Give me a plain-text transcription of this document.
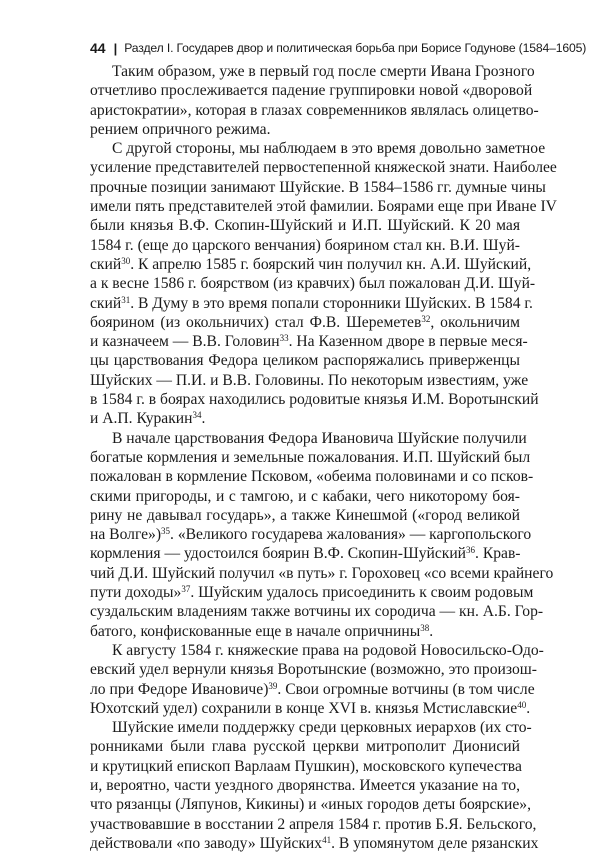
44 | Раздел I. Государев двор и политическая борьба при Борисе Годунове (1584–1605)
Таким образом, уже в первый год после смерти Ивана Грозного
отчетливо прослеживается падение группировки новой «дворовой
аристократии», которая в глазах современников являлась олицетво-
рением опричного режима.
С другой стороны, мы наблюдаем в это время довольно заметное
усиление представителей первостепенной княжеской знати. Наиболее
прочные позиции занимают Шуйские. В 1584–1586 гг. думные чины
имели пять представителей этой фамилии. Боярами еще при Иване IV
были князья В.Ф. Скопин-Шуйский и И.П. Шуйский. К 20 мая
1584 г. (еще до царского венчания) боярином стал кн. В.И. Шуй-
ский$^{30}$. К апрелю 1585 г. боярский чин получил кн. А.И. Шуйский,
а к весне 1586 г. боярством (из кравчих) был пожалован Д.И. Шуй-
ский$^{31}$. В Думу в это время попали сторонники Шуйских. В 1584 г.
боярином (из окольничих) стал Ф.В. Шереметев$^{32}$, окольничим
и казначеем — В.В. Головин$^{33}$. На Казенном дворе в первые меся-
цы царствования Федора целиком распоряжались приверженцы
Шуйских — П.И. и В.В. Головины. По некоторым известиям, уже
в 1584 г. в боярах находились родовитые князья И.М. Воротынский
и А.П. Куракин$^{34}$.
В начале царствования Федора Ивановича Шуйские получили
богатые кормления и земельные пожалования. И.П. Шуйский был
пожалован в кормление Псковом, «обеима половинами и со псков-
скими пригороды, и с тамгою, и с кабаки, чего никоторому боя-
рину не давывал государь», а также Кинешмой («город великой
на Волге»)$^{35}$. «Великого государева жалования» — каргопольского
кормления — удостоился боярин В.Ф. Скопин-Шуйский$^{36}$. Крав-
чий Д.И. Шуйский получил «в путь» г. Гороховец «со всеми крайнего
пути доходы»$^{37}$. Шуйским удалось присоединить к своим родовым
суздальским владениям также вотчины их сородича — кн. А.Б. Гор-
батого, конфискованные еще в начале опричнины$^{38}$.
К августу 1584 г. княжеские права на родовой Новосильско-Одо-
евский удел вернули князья Воротынские (возможно, это произош-
ло при Федоре Ивановиче)$^{39}$. Свои огромные вотчины (в том числе
Юхотский удел) сохранили в конце XVI в. князья Мстиславские$^{40}$.
Шуйские имели поддержку среди церковных иерархов (их сто-
ронниками были глава русской церкви митрополит Дионисий
и крутицкий епископ Варлаам Пушкин), московского купечества
и, вероятно, части уездного дворянства. Имеется указание на то,
что рязанцы (Ляпунов, Кикины) и «иных городов деты боярские»,
участвовавшие в восстании 2 апреля 1584 г. против Б.Я. Бельского,
действовали «по заводу» Шуйских$^{41}$. В упомянутом деле рязанских
